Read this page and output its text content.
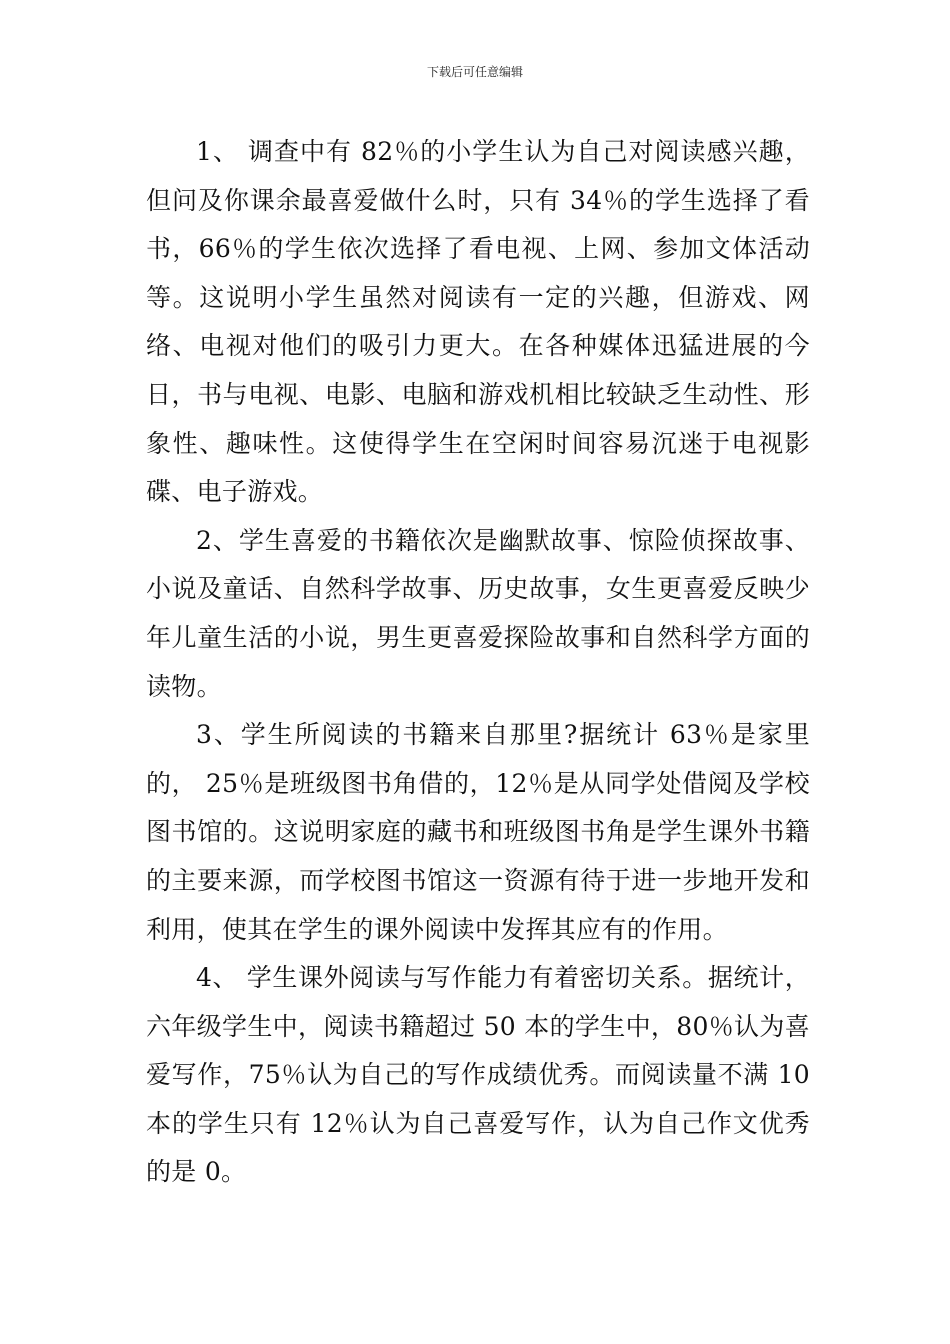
下载后可任意编辑

1、 调查中有 82％的小学生认为自己对阅读感兴趣，但问及你课余最喜爱做什么时，只有 34％的学生选择了看书，66％的学生依次选择了看电视、上网、参加文体活动等。这说明小学生虽然对阅读有一定的兴趣，但游戏、网络、电视对他们的吸引力更大。在各种媒体迅猛进展的今日，书与电视、电影、电脑和游戏机相比较缺乏生动性、形象性、趣味性。这使得学生在空闲时间容易沉迷于电视影碟、电子游戏。

2、学生喜爱的书籍依次是幽默故事、惊险侦探故事、小说及童话、自然科学故事、历史故事，女生更喜爱反映少年儿童生活的小说，男生更喜爱探险故事和自然科学方面的读物。

3、学生所阅读的书籍来自那里?据统计 63％是家里的， 25％是班级图书角借的，12％是从同学处借阅及学校图书馆的。这说明家庭的藏书和班级图书角是学生课外书籍的主要来源，而学校图书馆这一资源有待于进一步地开发和利用，使其在学生的课外阅读中发挥其应有的作用。

4、 学生课外阅读与写作能力有着密切关系。据统计，六年级学生中，阅读书籍超过 50 本的学生中，80％认为喜爱写作，75％认为自己的写作成绩优秀。而阅读量不满 10 本的学生只有 12％认为自己喜爱写作，认为自己作文优秀的是 0。
